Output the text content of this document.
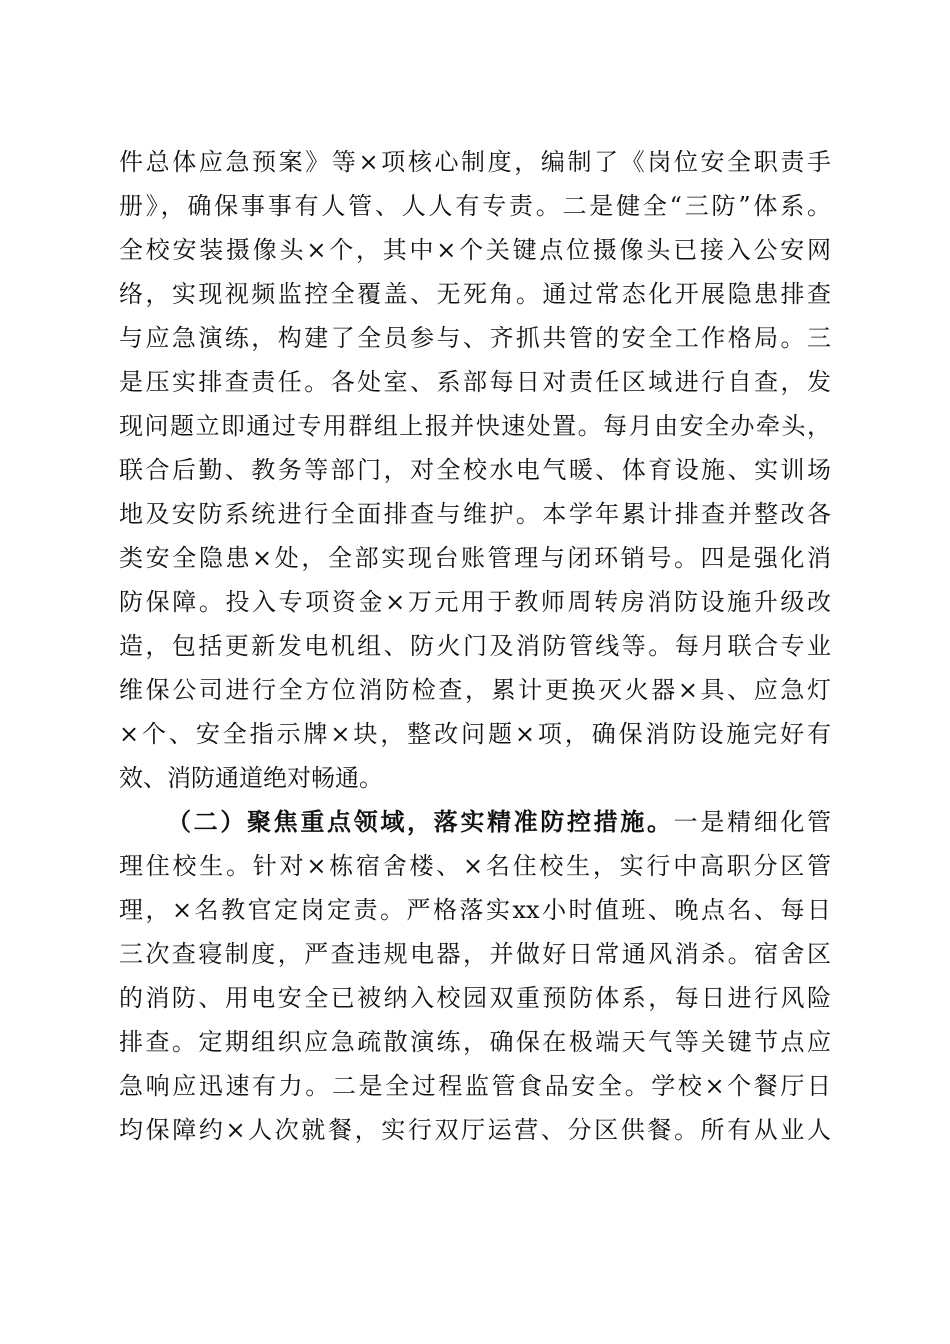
件总体应急预案》等×项核心制度，编制了《岗位安全职责手
册》，确保事事有人管、人人有专责。二是健全“三防”体系。
全校安装摄像头×个，其中×个关键点位摄像头已接入公安网
络，实现视频监控全覆盖、无死角。通过常态化开展隐患排查
与应急演练，构建了全员参与、齐抓共管的安全工作格局。三
是压实排查责任。各处室、系部每日对责任区域进行自查，发
现问题立即通过专用群组上报并快速处置。每月由安全办牵头，
联合后勤、教务等部门，对全校水电气暖、体育设施、实训场
地及安防系统进行全面排查与维护。本学年累计排查并整改各
类安全隐患×处，全部实现台账管理与闭环销号。四是强化消
防保障。投入专项资金×万元用于教师周转房消防设施升级改
造，包括更新发电机组、防火门及消防管线等。每月联合专业
维保公司进行全方位消防检查，累计更换灭火器×具、应急灯
×个、安全指示牌×块，整改问题×项，确保消防设施完好有
效、消防通道绝对畅通。
（二）聚焦重点领域，落实精准防控措施。一是精细化管
理住校生。针对×栋宿舍楼、×名住校生，实行中高职分区管
理，×名教官定岗定责。严格落实xx小时值班、晚点名、每日
三次查寝制度，严查违规电器，并做好日常通风消杀。宿舍区
的消防、用电安全已被纳入校园双重预防体系，每日进行风险
排查。定期组织应急疏散演练，确保在极端天气等关键节点应
急响应迅速有力。二是全过程监管食品安全。学校×个餐厅日
均保障约×人次就餐，实行双厅运营、分区供餐。所有从业人
